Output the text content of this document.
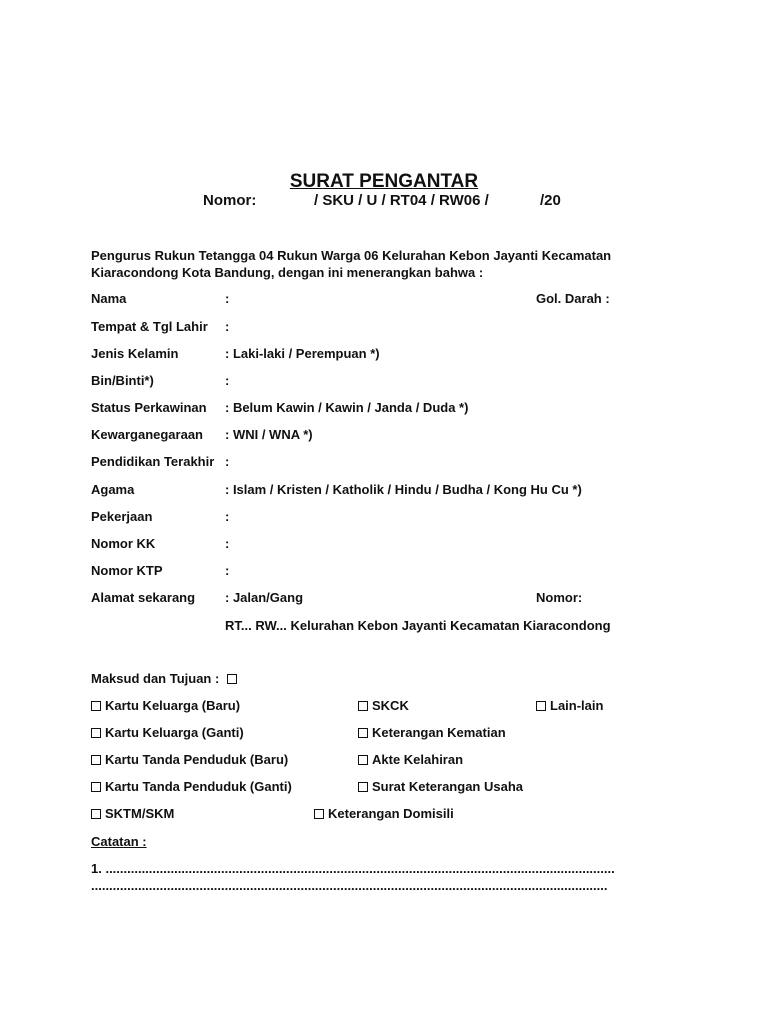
SURAT PENGANTAR
Nomor:	/ SKU / U / RT04 / RW06 /	/20
Pengurus Rukun Tetangga 04 Rukun Warga 06 Kelurahan Kebon Jayanti Kecamatan
Kiaracondong Kota Bandung, dengan ini menerangkan bahwa :
Nama	:	Gol. Darah :
Tempat & Tgl Lahir :
Jenis Kelamin	: Laki-laki / Perempuan *)
Bin/Binti*)	:
Status Perkawinan : Belum Kawin / Kawin / Janda / Duda *)
Kewarganegaraan : WNI / WNA *)
Pendidikan Terakhir :
Agama	: Islam / Kristen / Katholik / Hindu / Budha / Kong Hu Cu *)
Pekerjaan	:
Nomor KK	:
Nomor KTP	:
Alamat sekarang : Jalan/Gang	Nomor:
RT... RW... Kelurahan Kebon Jayanti Kecamatan Kiaracondong
Maksud dan Tujuan :
Kartu Keluarga (Baru)	SKCK	Lain-lain
Kartu Keluarga (Ganti)	Keterangan Kematian
Kartu Tanda Penduduk (Baru)	Akte Kelahiran
Kartu Tanda Penduduk (Ganti)	Surat Keterangan Usaha
SKTM/SKM	Keterangan Domisili
Catatan :
1. .............................................................................................................................................
...............................................................................................................................................
